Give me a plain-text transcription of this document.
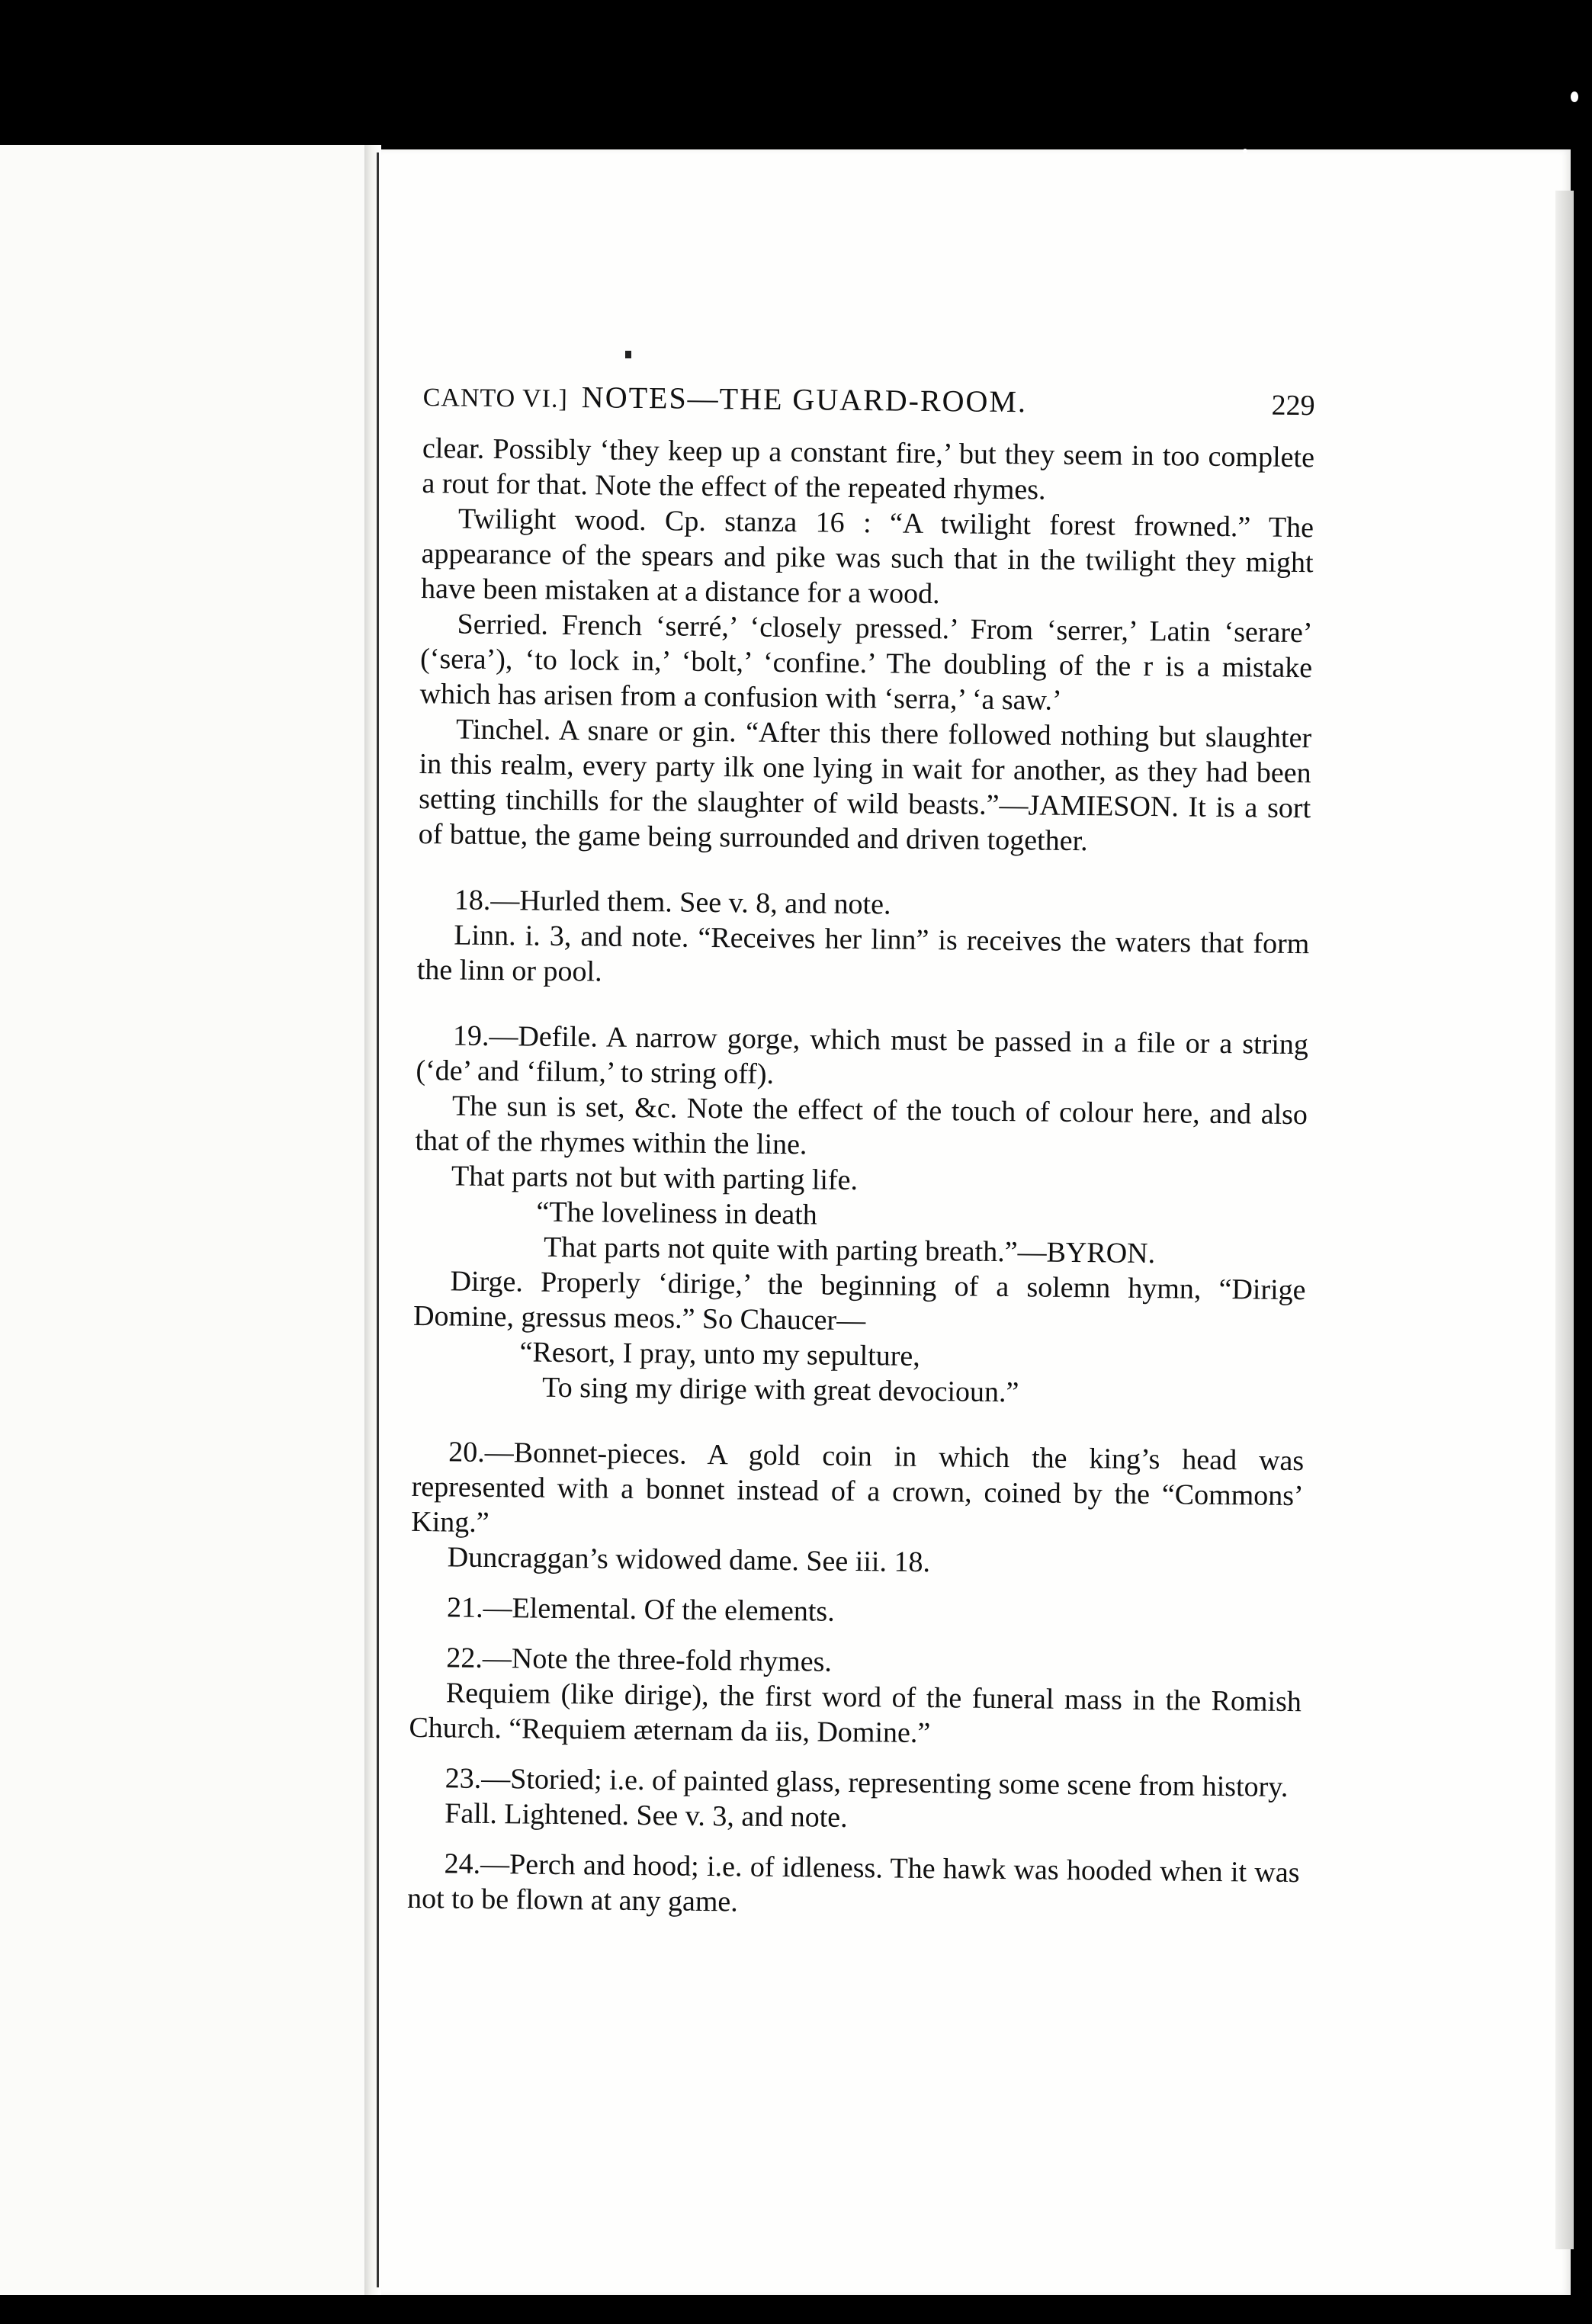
CANTO VI.] NOTES—THE GUARD-ROOM.	229

clear. Possibly ‘they keep up a constant fire,’ but they seem in too complete a rout for that. Note the effect of the repeated rhymes.

Twilight wood. Cp. stanza 16 : “A twilight forest frowned.” The appearance of the spears and pike was such that in the twilight they might have been mistaken at a distance for a wood.

Serried. French ‘serré,’ ‘closely pressed.’ From ‘serrer,’ Latin ‘serare’ (‘sera’), ‘to lock in,’ ‘bolt,’ ‘confine.’ The doubling of the r is a mistake which has arisen from a confusion with ‘serra,’ ‘a saw.’

Tinchel. A snare or gin. “After this there followed nothing but slaughter in this realm, every party ilk one lying in wait for another, as they had been setting tinchills for the slaughter of wild beasts.”—JAMIESON. It is a sort of battue, the game being surrounded and driven together.

18.—Hurled them. See v. 8, and note.

Linn. i. 3, and note. “Receives her linn” is receives the waters that form the linn or pool.

19.—Defile. A narrow gorge, which must be passed in a file or a string (‘de’ and ‘filum,’ to string off).

The sun is set, &c. Note the effect of the touch of colour here, and also that of the rhymes within the line.

That parts not but with parting life.

“The loveliness in death
That parts not quite with parting breath.”—BYRON.

Dirge. Properly ‘dirige,’ the beginning of a solemn hymn, “Dirige Domine, gressus meos.” So Chaucer—

“Resort, I pray, unto my sepulture,
To sing my dirige with great devocioun.”

20.—Bonnet-pieces. A gold coin in which the king’s head was represented with a bonnet instead of a crown, coined by the “Commons’ King.”

Duncraggan’s widowed dame. See iii. 18.

21.—Elemental. Of the elements.

22.—Note the three-fold rhymes.

Requiem (like dirige), the first word of the funeral mass in the Romish Church. “Requiem æternam da iis, Domine.”

23.—Storied; i.e. of painted glass, representing some scene from history.

Fall. Lightened. See v. 3, and note.

24.—Perch and hood; i.e. of idleness. The hawk was hooded when it was not to be flown at any game.
